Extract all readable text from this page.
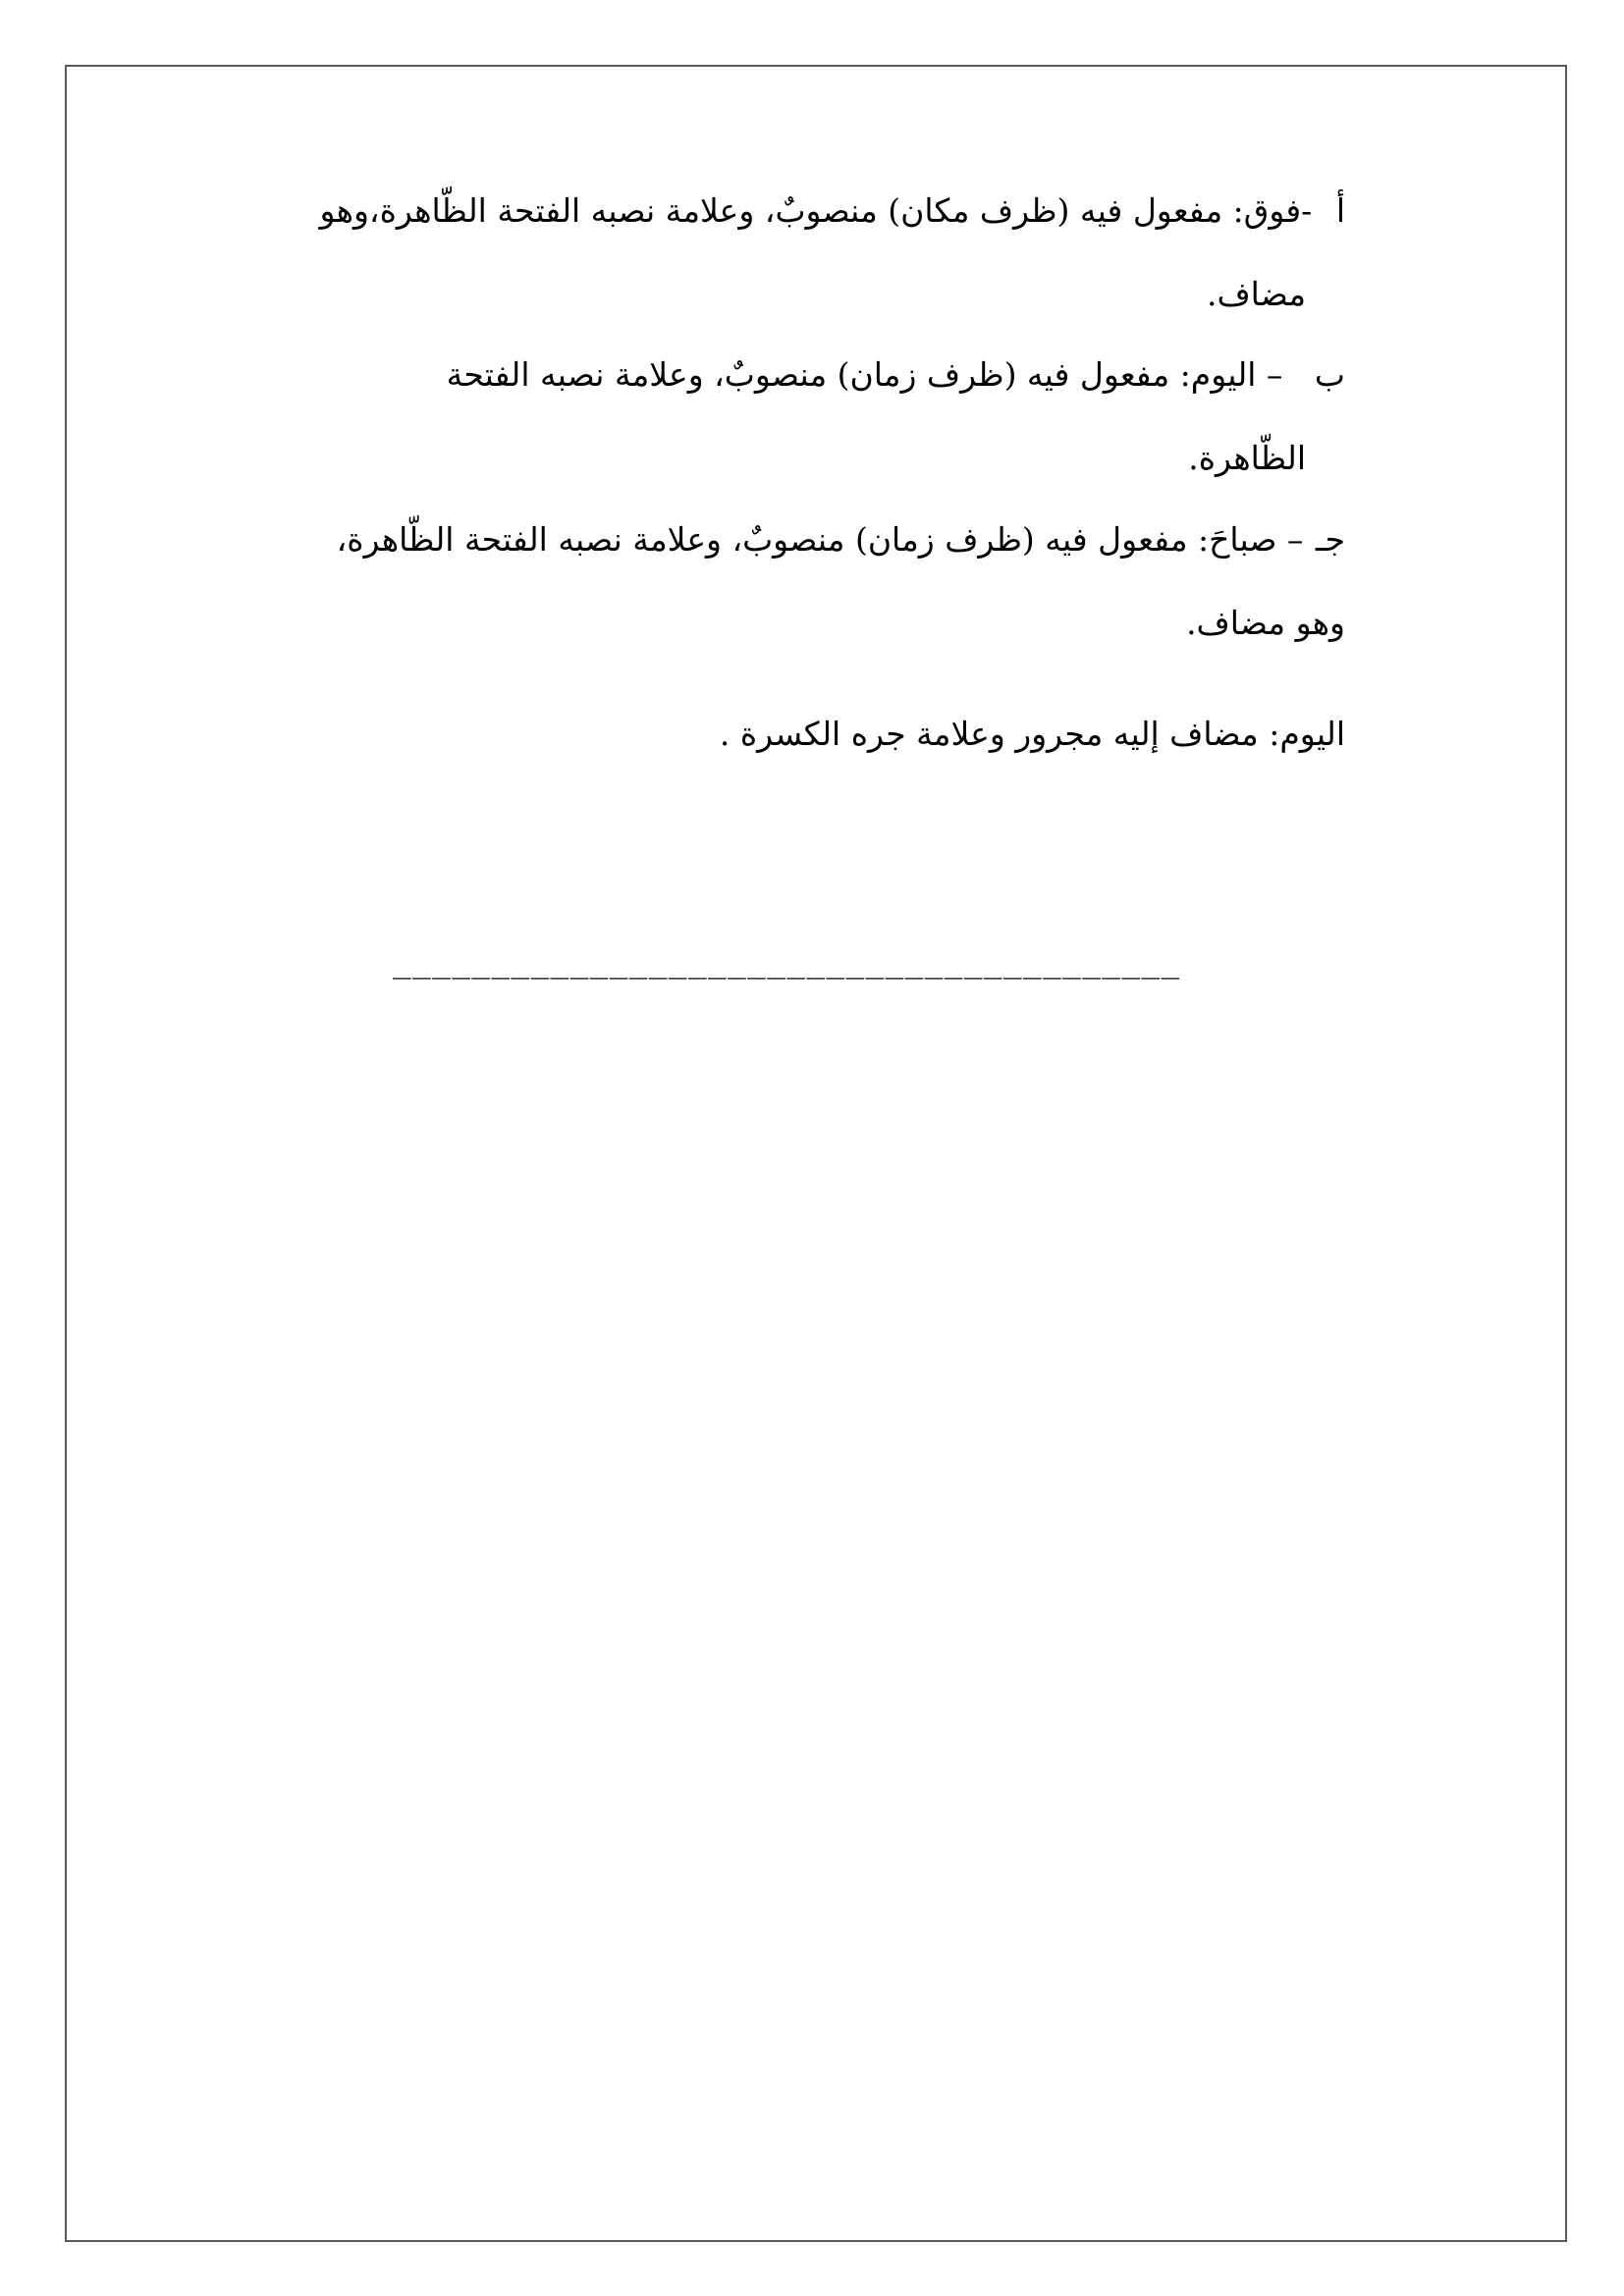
أ -فوق: مفعول فيه (ظرف مكان) منصوبٌ، وعلامة نصبه الفتحة الظّاهرة،وهو
مضاف.
ب – اليوم: مفعول فيه (ظرف زمان) منصوبٌ، وعلامة نصبه الفتحة
الظّاهرة.
جـ – صباحَ: مفعول فيه (ظرف زمان) منصوبٌ، وعلامة نصبه الفتحة الظّاهرة،
وهو مضاف.
اليوم: مضاف إليه مجرور وعلامة جره الكسرة .
________________________________________
